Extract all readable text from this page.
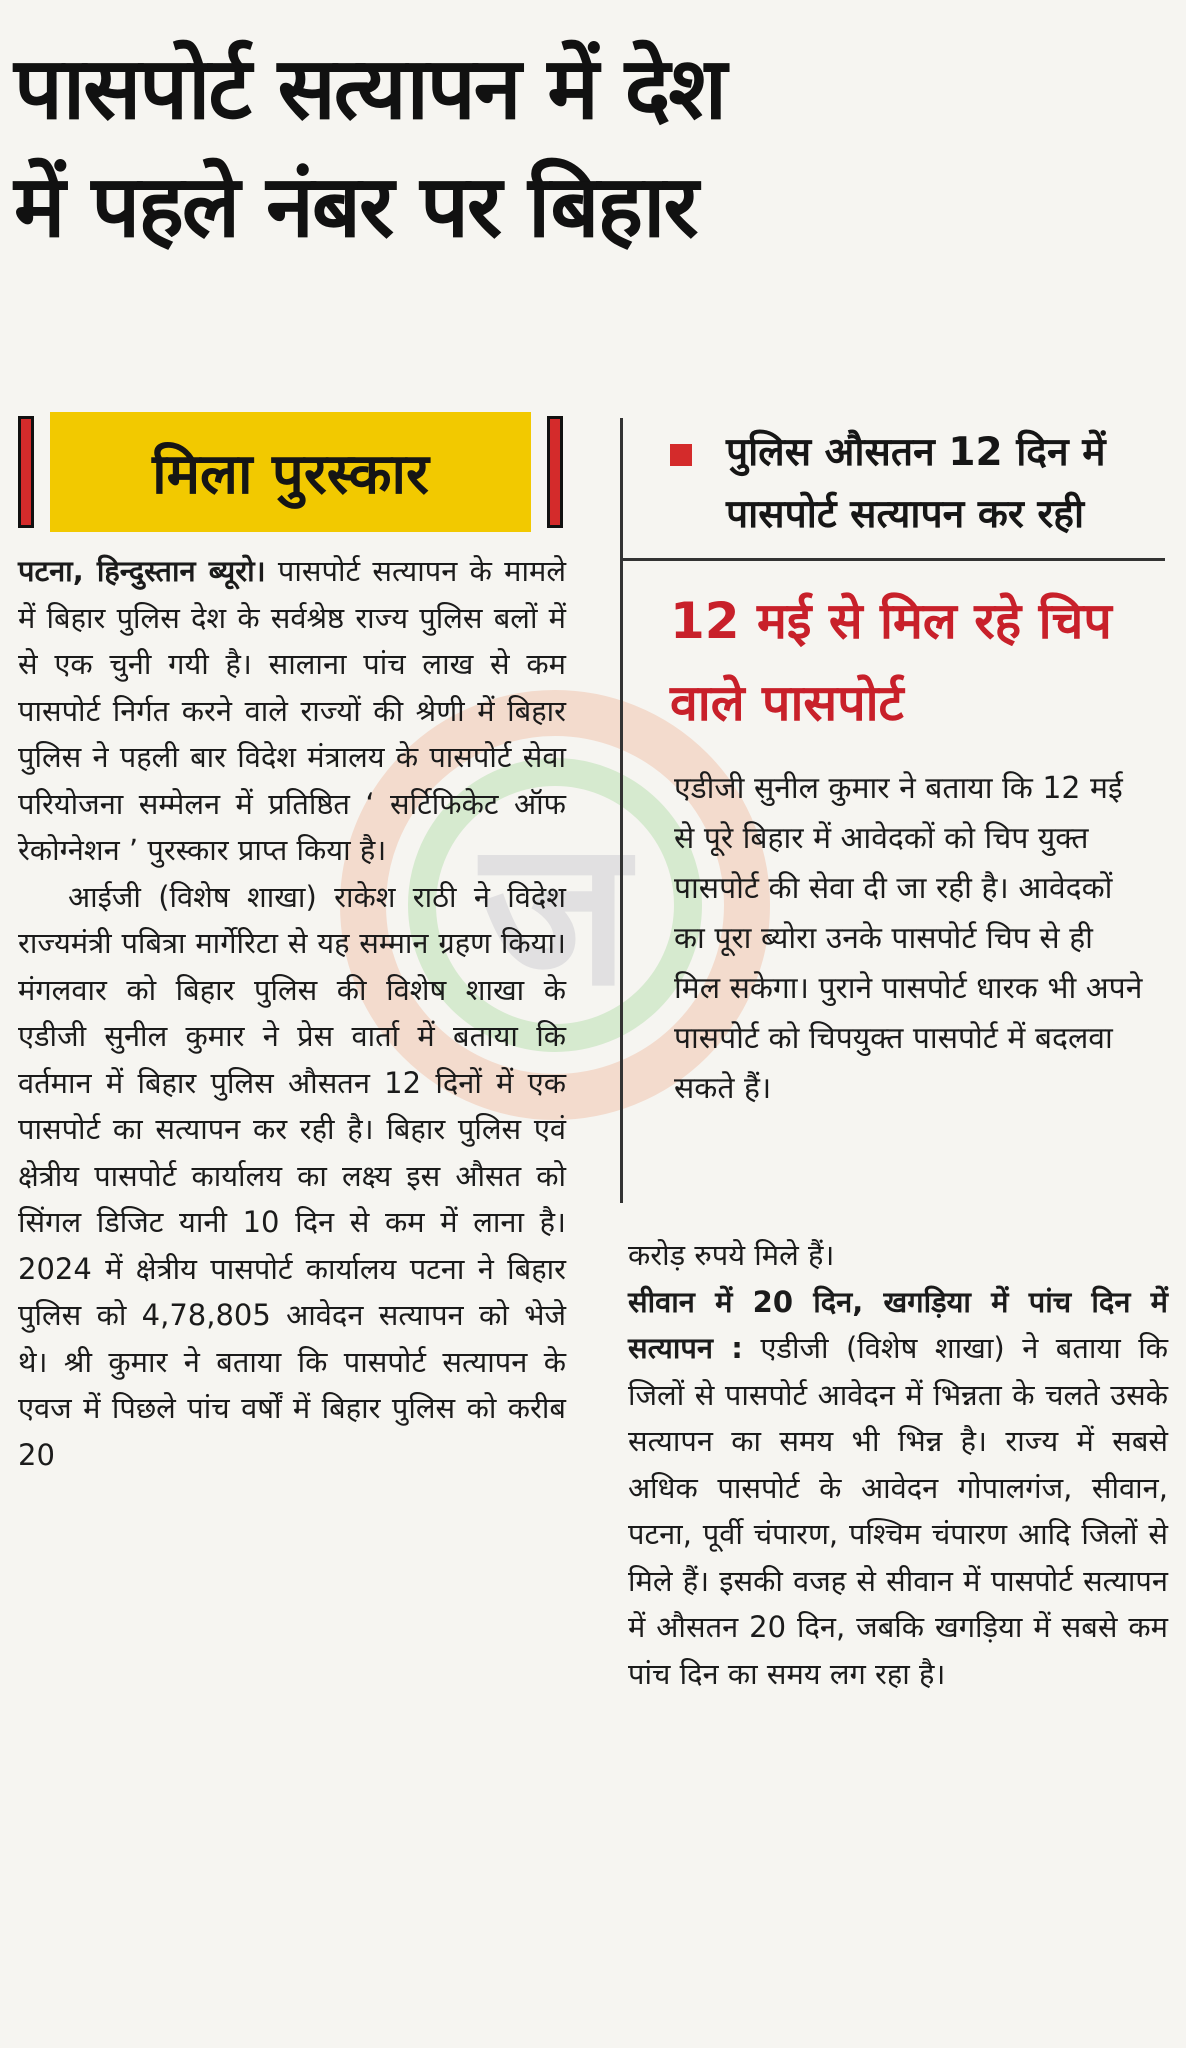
पासपोर्ट सत्यापन में देश
में पहले नंबर पर बिहार
मिला पुरस्कार
ज

पटना, हिन्दुस्तान ब्यूरो। पासपोर्ट सत्यापन के मामले में बिहार पुलिस देश के सर्वश्रेष्ठ राज्य पुलिस बलों में से एक चुनी गयी है। सालाना पांच लाख से कम पासपोर्ट निर्गत करने वाले राज्यों की श्रेणी में बिहार पुलिस ने पहली बार विदेश मंत्रालय के पासपोर्ट सेवा परियोजना सम्मेलन में प्रतिष्ठित ‘ सर्टिफिकेट ऑफ रेकोग्नेशन ’ पुरस्कार प्राप्त किया है।

आईजी (विशेष शाखा) राकेश राठी ने विदेश राज्यमंत्री पबित्रा मार्गेरिटा से यह सम्मान ग्रहण किया। मंगलवार को बिहार पुलिस की विशेष शाखा के एडीजी सुनील कुमार ने प्रेस वार्ता में बताया कि वर्तमान में बिहार पुलिस औसतन 12 दिनों में एक पासपोर्ट का सत्यापन कर रही है। बिहार पुलिस एवं क्षेत्रीय पासपोर्ट कार्यालय का लक्ष्य इस औसत को सिंगल डिजिट यानी 10 दिन से कम में लाना है। 2024 में क्षेत्रीय पासपोर्ट कार्यालय पटना ने बिहार पुलिस को 4,78,805 आवेदन सत्यापन को भेजे थे। श्री कुमार ने बताया कि पासपोर्ट सत्यापन के एवज में पिछले पांच वर्षों में बिहार पुलिस को करीब 20

पुलिस औसतन 12 दिन में
पासपोर्ट सत्यापन कर रही
12 मई से मिल रहे चिप वाले पासपोर्ट

एडीजी सुनील कुमार ने बताया कि 12 मई से पूरे बिहार में आवेदकों को चिप युक्त पासपोर्ट की सेवा दी जा रही है। आवेदकों का पूरा ब्योरा उनके पासपोर्ट चिप से ही मिल सकेगा। पुराने पासपोर्ट धारक भी अपने पासपोर्ट को चिपयुक्त पासपोर्ट में बदलवा सकते हैं।

करोड़ रुपये मिले हैं।

सीवान में 20 दिन, खगड़िया में पांच दिन में सत्यापन : एडीजी (विशेष शाखा) ने बताया कि जिलों से पासपोर्ट आवेदन में भिन्नता के चलते उसके सत्यापन का समय भी भिन्न है। राज्य में सबसे अधिक पासपोर्ट के आवेदन गोपालगंज, सीवान, पटना, पूर्वी चंपारण, पश्चिम चंपारण आदि जिलों से मिले हैं। इसकी वजह से सीवान में पासपोर्ट सत्यापन में औसतन 20 दिन, जबकि खगड़िया में सबसे कम पांच दिन का समय लग रहा है।
